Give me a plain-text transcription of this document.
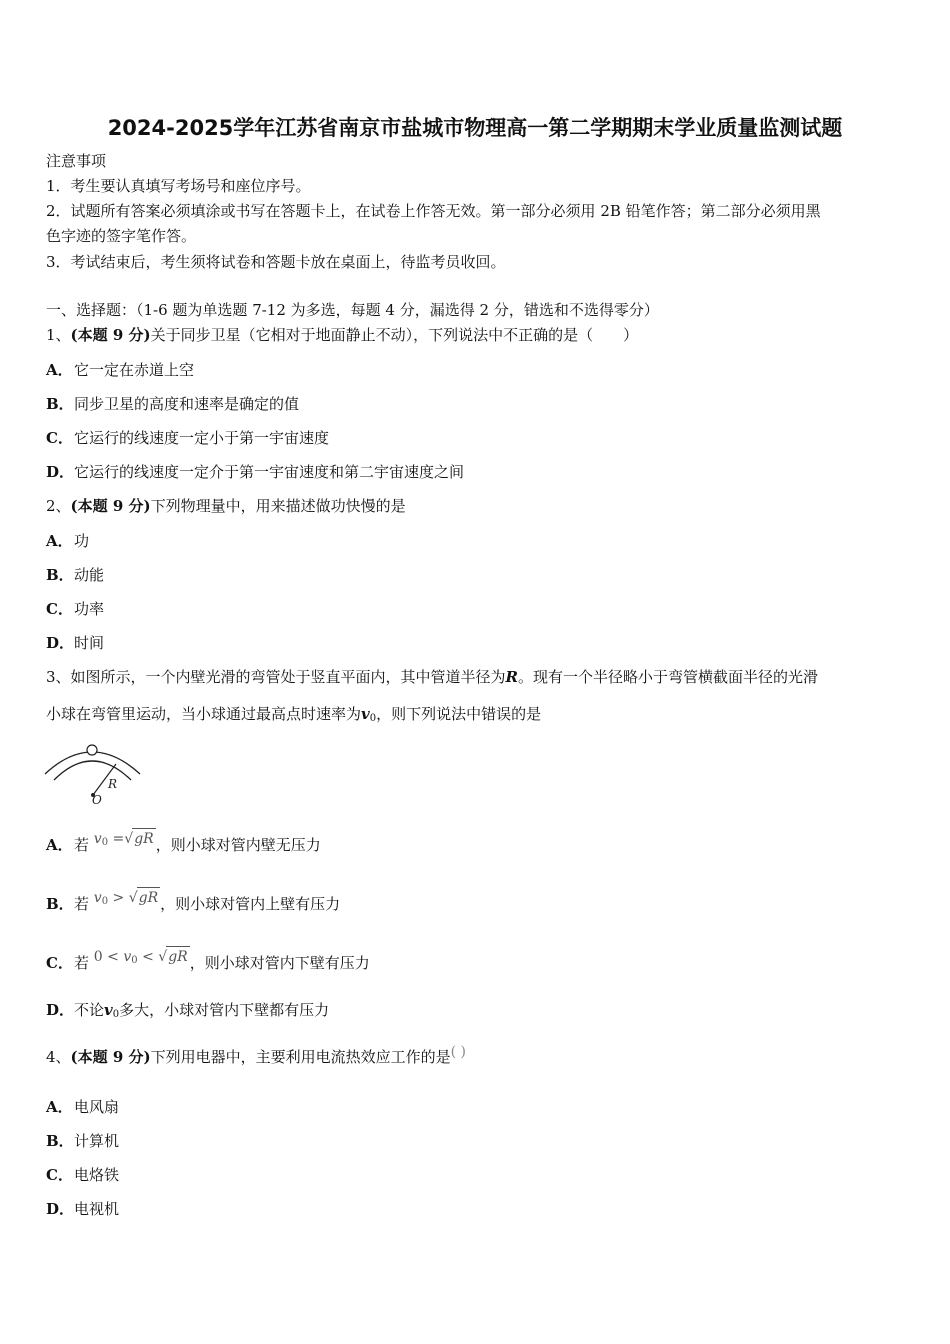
2024-2025学年江苏省南京市盐城市物理高一第二学期期末学业质量监测试题
注意事项
1．考生要认真填写考场号和座位序号。
2．试题所有答案必须填涂或书写在答题卡上，在试卷上作答无效。第一部分必须用 2B 铅笔作答；第二部分必须用黑
色字迹的签字笔作答。
3．考试结束后，考生须将试卷和答题卡放在桌面上，待监考员收回。
一、选择题：（1-6 题为单选题 7-12 为多选，每题 4 分，漏选得 2 分，错选和不选得零分）
1、(本题 9 分)关于同步卫星（它相对于地面静止不动），下列说法中不正确的是（　　）
A．它一定在赤道上空
B．同步卫星的高度和速率是确定的值
C．它运行的线速度一定小于第一宇宙速度
D．它运行的线速度一定介于第一宇宙速度和第二宇宙速度之间
2、(本题 9 分)下列物理量中，用来描述做功快慢的是
A．功
B．动能
C．功率
D．时间
3、如图所示，一个内壁光滑的弯管处于竖直平面内，其中管道半径为R。现有一个半径略小于弯管横截面半径的光滑
小球在弯管里运动，当小球通过最高点时速率为$v_0$，则下列说法中错误的是
R
O
A．若 $v_0 =√gR$ ，则小球对管内壁无压力
B．若 $v_0 > √gR$ ，则小球对管内上壁有压力
C．若 $0 < v_0 < √gR$ ，则小球对管内下壁有压力
D．不论$v_0$多大，小球对管内下壁都有压力
4、(本题 9 分)下列用电器中，主要利用电流热效应工作的是( )
A．电风扇
B．计算机
C．电烙铁
D．电视机
